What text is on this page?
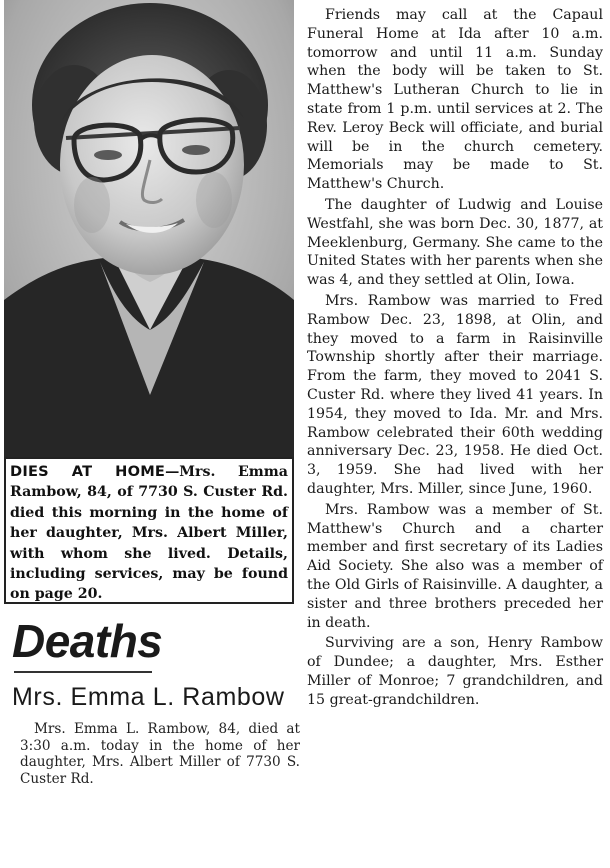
DIES AT HOME—Mrs. Emma Rambow, 84, of 7730 S. Custer Rd. died this morning in the home of her daughter, Mrs. Albert Miller, with whom she lived. Details, including services, may be found on page 20.
Deaths
Mrs. Emma L. Rambow
Mrs. Emma L. Rambow, 84, died at 3:30 a.m. today in the home of her daughter, Mrs. Albert Miller of 7730 S. Custer Rd.

Friends may call at the Capaul Funeral Home at Ida after 10 a.m. tomorrow and until 11 a.m. Sunday when the body will be taken to St. Matthew's Lutheran Church to lie in state from 1 p.m. until services at 2. The Rev. Leroy Beck will officiate, and burial will be in the church cemetery. Memorials may be made to St. Matthew's Church.

The daughter of Ludwig and Louise Westfahl, she was born Dec. 30, 1877, at Meeklenburg, Germany. She came to the United States with her parents when she was 4, and they settled at Olin, Iowa.

Mrs. Rambow was married to Fred Rambow Dec. 23, 1898, at Olin, and they moved to a farm in Raisinville Township shortly after their marriage. From the farm, they moved to 2041 S. Custer Rd. where they lived 41 years. In 1954, they moved to Ida. Mr. and Mrs. Rambow celebrated their 60th wedding anniversary Dec. 23, 1958. He died Oct. 3, 1959. She had lived with her daughter, Mrs. Miller, since June, 1960.

Mrs. Rambow was a member of St. Matthew's Church and a charter member and first secretary of its Ladies Aid Society. She also was a member of the Old Girls of Raisinville. A daughter, a sister and three brothers preceded her in death.

Surviving are a son, Henry Rambow of Dundee; a daughter, Mrs. Esther Miller of Monroe; 7 grandchildren, and 15 great-grandchildren.
